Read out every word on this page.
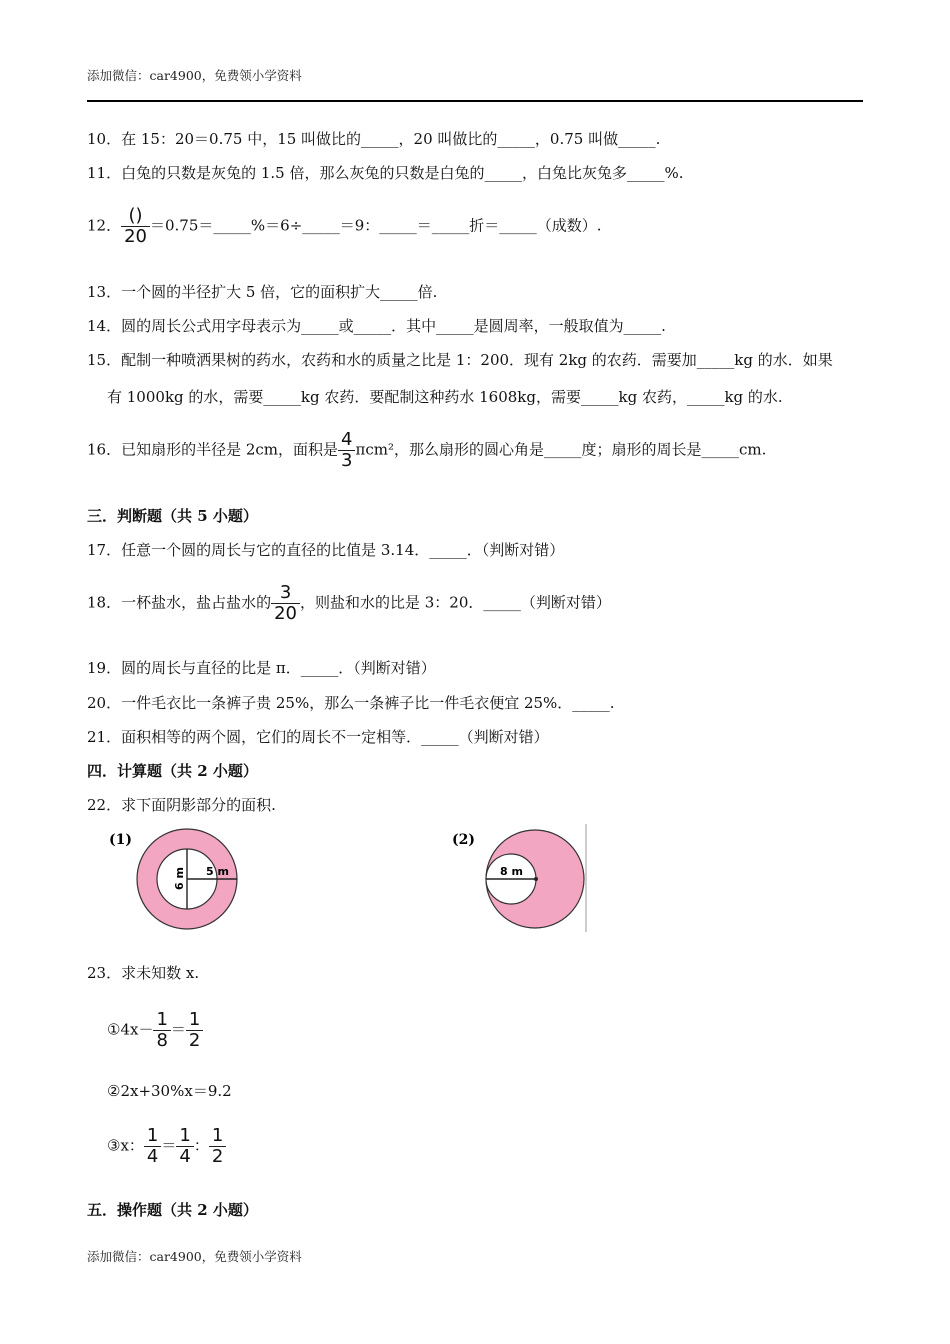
添加微信：car4900，免费领小学资料
10．在 15：20＝0.75 中，15 叫做比的_____，20 叫做比的_____，0.75 叫做_____.
11．白兔的只数是灰兔的 1.5 倍，那么灰兔的只数是白兔的_____，白兔比灰兔多_____%.
12． $\frac{()}{20}$ ＝0.75＝_____%＝6÷_____＝9：_____＝_____折＝_____（成数）.
13．一个圆的半径扩大 5 倍，它的面积扩大_____倍.
14．圆的周长公式用字母表示为_____或_____．其中_____是圆周率，一般取值为_____.
15．配制一种喷洒果树的药水，农药和水的质量之比是 1：200．现有 2kg 的农药．需要加_____kg 的水．如果
有 1000kg 的水，需要_____kg 农药．要配制这种药水 1608kg，需要_____kg 农药，_____kg 的水.
16．已知扇形的半径是 2cm，面积是 $\frac{4}{3} \pi cm^2$，那么扇形的圆心角是_____度；扇形的周长是_____cm.
三．判断题（共 5 小题）
17．任意一个圆的周长与它的直径的比值是 3.14．_____．（判断对错）
18．一杯盐水，盐占盐水的 $\frac{3}{20}$ ，则盐和水的比是 3：20．_____（判断对错）
19．圆的周长与直径的比是 π．_____．（判断对错）
20．一件毛衣比一条裤子贵 25%，那么一条裤子比一件毛衣便宜 25%．_____.
21．面积相等的两个圆，它们的周长不一定相等．_____（判断对错）
四．计算题（共 2 小题）
22．求下面阴影部分的面积.
(1)
6 m 5 m
(2)
8 m
23．求未知数 x.
①4x－ $\frac{1}{8} = \frac{1}{2}$
②2x+30%x＝9.2
③x： $\frac{1}{4} = \frac{1}{4}$ ： $\frac{1}{2}$
五．操作题（共 2 小题）
添加微信：car4900，免费领小学资料
